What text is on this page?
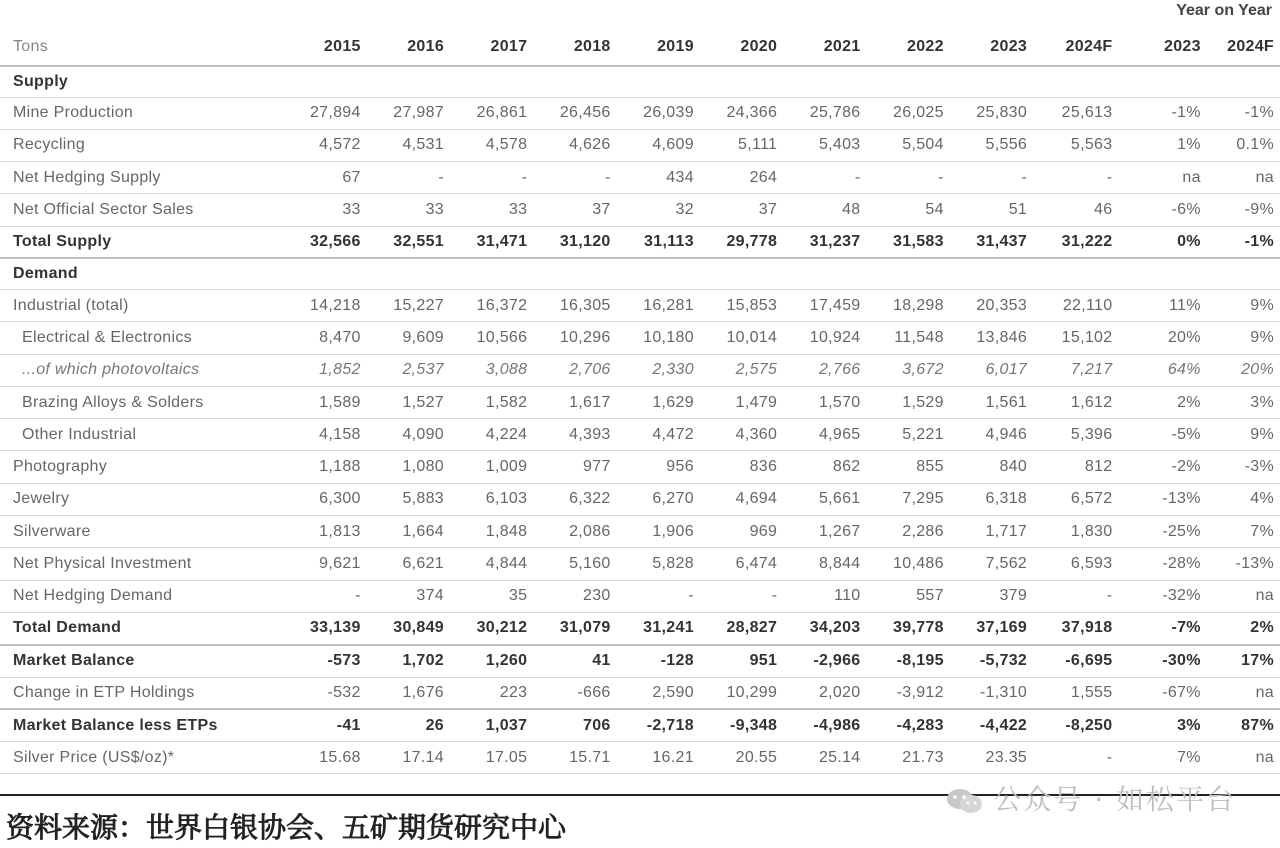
Year on Year
Tons	2015	2016	2017	2018	2019	2020	2021	2022	2023	2024F	2023	2024F
Supply												
Mine Production	27,894	27,987	26,861	26,456	26,039	24,366	25,786	26,025	25,830	25,613	-1%	-1%
Recycling	4,572	4,531	4,578	4,626	4,609	5,111	5,403	5,504	5,556	5,563	1%	0.1%
Net Hedging Supply	67	-	-	-	434	264	-	-	-	-	na	na
Net Official Sector Sales	33	33	33	37	32	37	48	54	51	46	-6%	-9%
Total Supply	32,566	32,551	31,471	31,120	31,113	29,778	31,237	31,583	31,437	31,222	0%	-1%
Demand												
Industrial (total)	14,218	15,227	16,372	16,305	16,281	15,853	17,459	18,298	20,353	22,110	11%	9%
Electrical & Electronics	8,470	9,609	10,566	10,296	10,180	10,014	10,924	11,548	13,846	15,102	20%	9%
...of which photovoltaics	1,852	2,537	3,088	2,706	2,330	2,575	2,766	3,672	6,017	7,217	64%	20%
Brazing Alloys & Solders	1,589	1,527	1,582	1,617	1,629	1,479	1,570	1,529	1,561	1,612	2%	3%
Other Industrial	4,158	4,090	4,224	4,393	4,472	4,360	4,965	5,221	4,946	5,396	-5%	9%
Photography	1,188	1,080	1,009	977	956	836	862	855	840	812	-2%	-3%
Jewelry	6,300	5,883	6,103	6,322	6,270	4,694	5,661	7,295	6,318	6,572	-13%	4%
Silverware	1,813	1,664	1,848	2,086	1,906	969	1,267	2,286	1,717	1,830	-25%	7%
Net Physical Investment	9,621	6,621	4,844	5,160	5,828	6,474	8,844	10,486	7,562	6,593	-28%	-13%
Net Hedging Demand	-	374	35	230	-	-	110	557	379	-	-32%	na
Total Demand	33,139	30,849	30,212	31,079	31,241	28,827	34,203	39,778	37,169	37,918	-7%	2%
Market Balance	-573	1,702	1,260	41	-128	951	-2,966	-8,195	-5,732	-6,695	-30%	17%
Change in ETP Holdings	-532	1,676	223	-666	2,590	10,299	2,020	-3,912	-1,310	1,555	-67%	na
Market Balance less ETPs	-41	26	1,037	706	-2,718	-9,348	-4,986	-4,283	-4,422	-8,250	3%	87%
Silver Price (US$/oz)*	15.68	17.14	17.05	15.71	16.21	20.55	25.14	21.73	23.35	-	7%	na
公众号 · 如松平台
资料来源：世界白银协会、五矿期货研究中心
